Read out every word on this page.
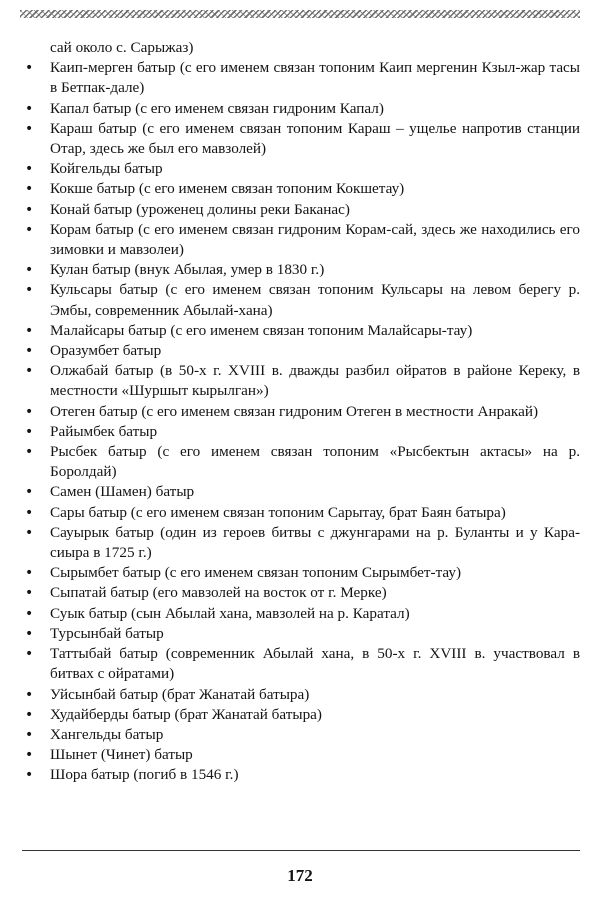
сай около с. Сарыжаз)

• Каип-мерген батыр (с его именем связан топоним Каип мергенин Кзыл-жар тасы в Бетпак-дале)
• Капал батыр (с его именем связан гидроним Капал)
• Караш батыр (с его именем связан топоним Караш – ущелье напротив станции Отар, здесь же был его мавзолей)
• Койгельды батыр
• Кокше батыр (с его именем связан топоним Кокшетау)
• Конай батыр (уроженец долины реки Баканас)
• Корам батыр (с его именем связан гидроним Корам-сай, здесь же находились его зимовки и мавзолеи)
• Кулан батыр (внук Абылая, умер в 1830 г.)
• Кульсары батыр (с его именем связан топоним Кульсары на левом берегу р. Эмбы, современник Абылай-хана)
• Малайсары батыр (с его именем связан топоним Малайсары-тау)
• Оразумбет батыр
• Олжабай батыр (в 50-х г. XVIII в. дважды разбил ойратов в районе Кереку, в местности «Шуршыт кырылган»)
• Отеген батыр (с его именем связан гидроним Отеген в местности Анракай)
• Райымбек батыр
• Рысбек батыр (с его именем связан топоним «Рысбектын актасы» на р. Боролдай)
• Самен (Шамен) батыр
• Сары батыр (с его именем связан топоним Сарытау, брат Баян батыра)
• Сауырык батыр (один из героев битвы с джунгарами на р. Буланты и у Кара-сиыра в 1725 г.)
• Сырымбет батыр (с его именем связан топоним Сырымбет-тау)
• Сыпатай батыр (его мавзолей на восток от г. Мерке)
• Суык батыр (сын Абылай хана, мавзолей на р. Каратал)
• Турсынбай батыр
• Таттыбай батыр (современник Абылай хана, в 50-х г. XVIII в. участвовал в битвах с ойратами)
• Уйсынбай батыр (брат Жанатай батыра)
• Худайберды батыр (брат Жанатай батыра)
• Хангельды батыр
• Шынет (Чинет) батыр
• Шора батыр (погиб в 1546 г.)
172
